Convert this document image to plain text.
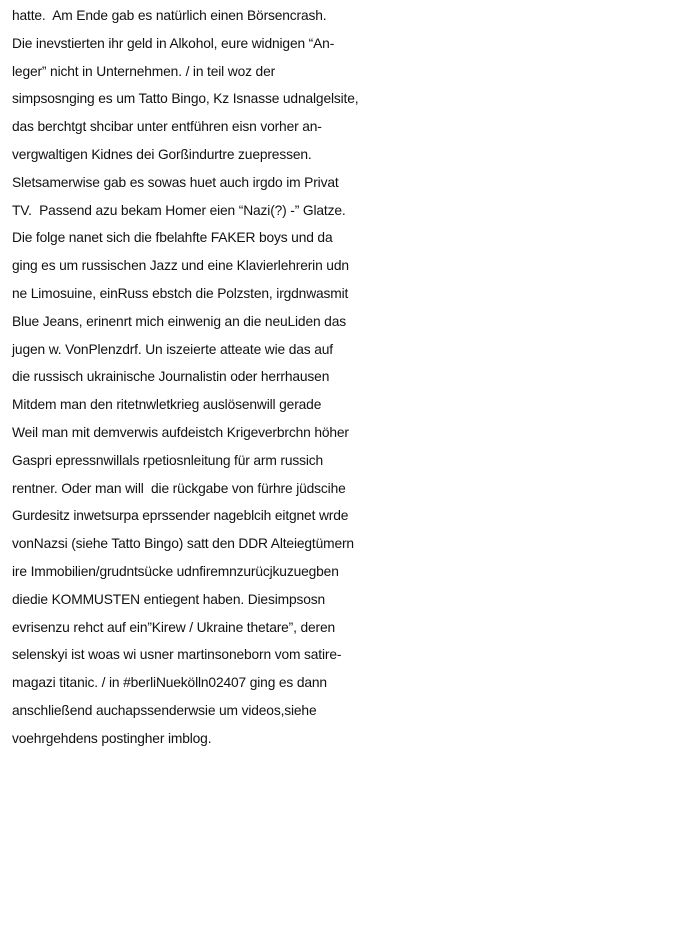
hatte.  Am Ende gab es natürlich einen Börsencrash.
Die inevstierten ihr geld in Alkohol, eure widnigen “An-
leger” nicht in Unternehmen. / in teil woz der
simpsosnging es um Tatto Bingo, Kz Isnasse udnalgelsite,
das berchtgt shcibar unter entführen eisn vorher an-
vergwaltigen Kidnes dei Gorßindurtre zuepressen.
Sletsamerwise gab es sowas huet auch irgdo im Privat
TV.  Passend azu bekam Homer eien “Nazi(?) -” Glatze.
Die folge nanet sich die fbelahfte FAKER boys und da
ging es um russischen Jazz und eine Klavierlehrerin udn
ne Limosuine, einRuss ebstch die Polzsten, irgdnwasmit
Blue Jeans, erinenrt mich einwenig an die neuLiden das
jugen w. VonPlenzdrf. Un iszeierte atteate wie das auf
die russisch ukrainische Journalistin oder herrhausen
Mitdem man den ritetnwletkrieg auslösenwill gerade
Weil man mit demverwis aufdeistch Krigeverbrchn höher
Gaspri epressnwillals rpetiosnleitung für arm russich
rentner. Oder man will  die rückgabe von fürhre jüdscihe
Gurdesitz inwetsurpa eprssender nageblcih eitgnet wrde
vonNazsi (siehe Tatto Bingo) satt den DDR Alteiegtümern
ire Immobilien/grudntsücke udnfiremnzurücjkuzuegben
diedie KOMMUSTEN entiegent haben. Diesimpsosn
evrisenzu rehct auf ein”Kirew / Ukraine thetare”, deren
selenskyi ist woas wi usner martinsoneborn vom satire-
magazi titanic. / in #berliNuekölln02407 ging es dann
anschließend auchapssenderwsie um videos,siehe
voehrgehdens postingher imblog.
